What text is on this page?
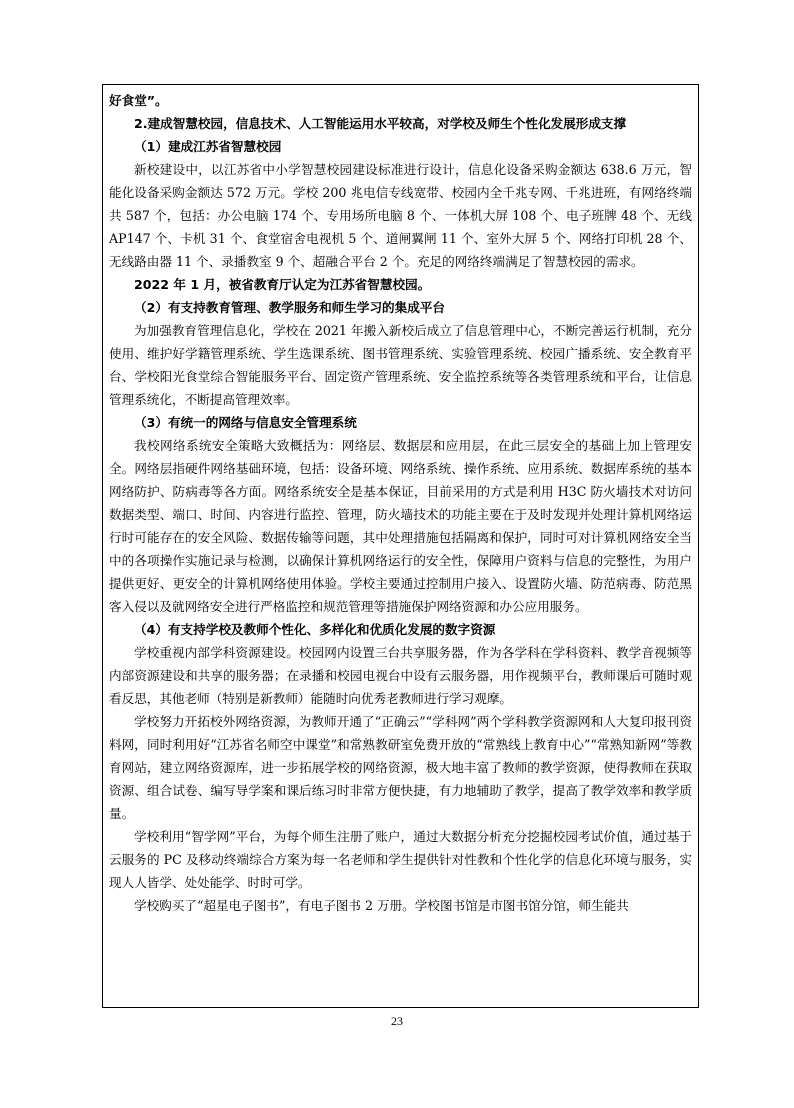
好食堂”。

2.建成智慧校园，信息技术、人工智能运用水平较高，对学校及师生个性化发展形成支撑

（1）建成江苏省智慧校园

新校建设中，以江苏省中小学智慧校园建设标准进行设计，信息化设备采购金额达 638.6 万元，智能化设备采购金额达 572 万元。学校 200 兆电信专线宽带、校园内全千兆专网、千兆进班，有网络终端共 587 个，包括：办公电脑 174 个、专用场所电脑 8 个、一体机大屏 108 个、电子班牌 48 个、无线 AP147 个、卡机 31 个、食堂宿舍电视机 5 个、道闸翼闸 11 个、室外大屏 5 个、网络打印机 28 个、无线路由器 11 个、录播教室 9 个、超融合平台 2 个。充足的网络终端满足了智慧校园的需求。

2022 年 1 月，被省教育厅认定为江苏省智慧校园。

（2）有支持教育管理、教学服务和师生学习的集成平台

为加强教育管理信息化，学校在 2021 年搬入新校后成立了信息管理中心，不断完善运行机制，充分使用、维护好学籍管理系统、学生选课系统、图书管理系统、实验管理系统、校园广播系统、安全教育平台、学校阳光食堂综合智能服务平台、固定资产管理系统、安全监控系统等各类管理系统和平台，让信息管理系统化，不断提高管理效率。

（3）有统一的网络与信息安全管理系统

我校网络系统安全策略大致概括为：网络层、数据层和应用层，在此三层安全的基础上加上管理安全。网络层指硬件网络基础环境，包括：设备环境、网络系统、操作系统、应用系统、数据库系统的基本网络防护、防病毒等各方面。网络系统安全是基本保证，目前采用的方式是利用 H3C 防火墙技术对访问数据类型、端口、时间、内容进行监控、管理，防火墙技术的功能主要在于及时发现并处理计算机网络运行时可能存在的安全风险、数据传输等问题，其中处理措施包括隔离和保护，同时可对计算机网络安全当中的各项操作实施记录与检测，以确保计算机网络运行的安全性，保障用户资料与信息的完整性，为用户提供更好、更安全的计算机网络使用体验。学校主要通过控制用户接入、设置防火墙、防范病毒、防范黑客入侵以及就网络安全进行严格监控和规范管理等措施保护网络资源和办公应用服务。

（4）有支持学校及教师个性化、多样化和优质化发展的数字资源

学校重视内部学科资源建设。校园网内设置三台共享服务器，作为各学科在学科资料、教学音视频等内部资源建设和共享的服务器；在录播和校园电视台中设有云服务器，用作视频平台，教师课后可随时观看反思，其他老师（特别是新教师）能随时向优秀老教师进行学习观摩。

学校努力开拓校外网络资源，为教师开通了“正确云”“学科网”两个学科教学资源网和人大复印报刊资料网，同时利用好“江苏省名师空中课堂”和常熟教研室免费开放的“常熟线上教育中心”“常熟知新网”等教育网站，建立网络资源库，进一步拓展学校的网络资源，极大地丰富了教师的教学资源，使得教师在获取资源、组合试卷、编写导学案和课后练习时非常方便快捷，有力地辅助了教学，提高了教学效率和教学质量。

学校利用“智学网”平台，为每个师生注册了账户，通过大数据分析充分挖掘校园考试价值，通过基于云服务的 PC 及移动终端综合方案为每一名老师和学生提供针对性教和个性化学的信息化环境与服务，实现人人皆学、处处能学、时时可学。

学校购买了“超星电子图书”，有电子图书 2 万册。学校图书馆是市图书馆分馆，师生能共

23
